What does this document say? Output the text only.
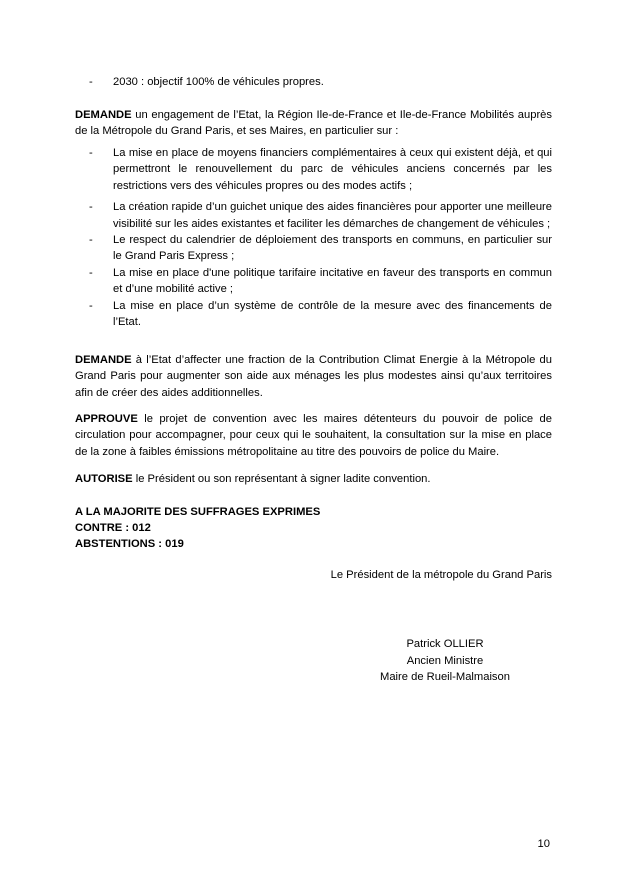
- 2030 : objectif 100% de véhicules propres.
DEMANDE un engagement de l’Etat, la Région Ile-de-France et Ile-de-France Mobilités auprès de la Métropole du Grand Paris, et ses Maires, en particulier sur :
- La mise en place de moyens financiers complémentaires à ceux qui existent déjà, et qui permettront le renouvellement du parc de véhicules anciens concernés par les restrictions vers des véhicules propres ou des modes actifs ;
- La création rapide d’un guichet unique des aides financières pour apporter une meilleure visibilité sur les aides existantes et faciliter les démarches de changement de véhicules ;
- Le respect du calendrier de déploiement des transports en communs, en particulier sur le Grand Paris Express ;
- La mise en place d'une politique tarifaire incitative en faveur des transports en commun et d’une mobilité active ;
- La mise en place d’un système de contrôle de la mesure avec des financements de l’Etat.
DEMANDE à l’Etat d’affecter une fraction de la Contribution Climat Energie à la Métropole du Grand Paris pour augmenter son aide aux ménages les plus modestes ainsi qu’aux territoires afin de créer des aides additionnelles.
APPROUVE le projet de convention avec les maires détenteurs du pouvoir de police de circulation pour accompagner, pour ceux qui le souhaitent, la consultation sur la mise en place de la zone à faibles émissions métropolitaine au titre des pouvoirs de police du Maire.
AUTORISE le Président ou son représentant à signer ladite convention.
A LA MAJORITE DES SUFFRAGES EXPRIMES
CONTRE : 012
ABSTENTIONS : 019
Le Président de la métropole du Grand Paris
Patrick OLLIER
Ancien Ministre
Maire de Rueil-Malmaison
10
